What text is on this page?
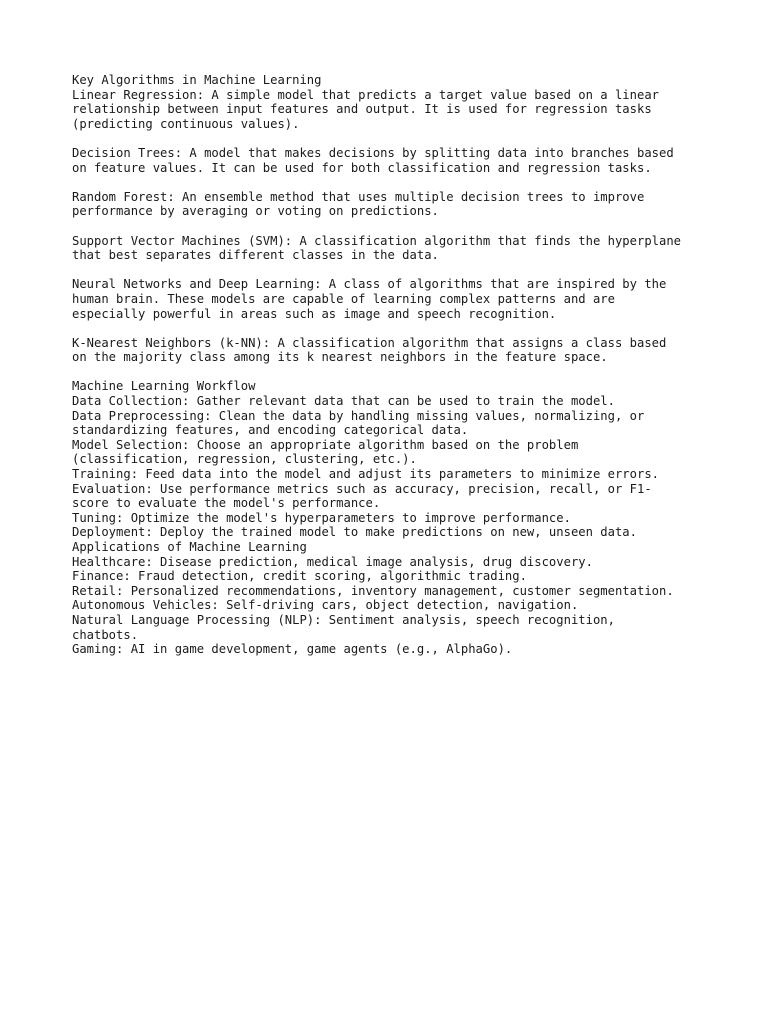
Key Algorithms in Machine Learning
Linear Regression: A simple model that predicts a target value based on a linear
relationship between input features and output. It is used for regression tasks
(predicting continuous values).
Decision Trees: A model that makes decisions by splitting data into branches based
on feature values. It can be used for both classification and regression tasks.
Random Forest: An ensemble method that uses multiple decision trees to improve
performance by averaging or voting on predictions.
Support Vector Machines (SVM): A classification algorithm that finds the hyperplane
that best separates different classes in the data.
Neural Networks and Deep Learning: A class of algorithms that are inspired by the
human brain. These models are capable of learning complex patterns and are
especially powerful in areas such as image and speech recognition.
K-Nearest Neighbors (k-NN): A classification algorithm that assigns a class based
on the majority class among its k nearest neighbors in the feature space.
Machine Learning Workflow
Data Collection: Gather relevant data that can be used to train the model.
Data Preprocessing: Clean the data by handling missing values, normalizing, or
standardizing features, and encoding categorical data.
Model Selection: Choose an appropriate algorithm based on the problem
(classification, regression, clustering, etc.).
Training: Feed data into the model and adjust its parameters to minimize errors.
Evaluation: Use performance metrics such as accuracy, precision, recall, or F1-
score to evaluate the model's performance.
Tuning: Optimize the model's hyperparameters to improve performance.
Deployment: Deploy the trained model to make predictions on new, unseen data.
Applications of Machine Learning
Healthcare: Disease prediction, medical image analysis, drug discovery.
Finance: Fraud detection, credit scoring, algorithmic trading.
Retail: Personalized recommendations, inventory management, customer segmentation.
Autonomous Vehicles: Self-driving cars, object detection, navigation.
Natural Language Processing (NLP): Sentiment analysis, speech recognition,
chatbots.
Gaming: AI in game development, game agents (e.g., AlphaGo).
